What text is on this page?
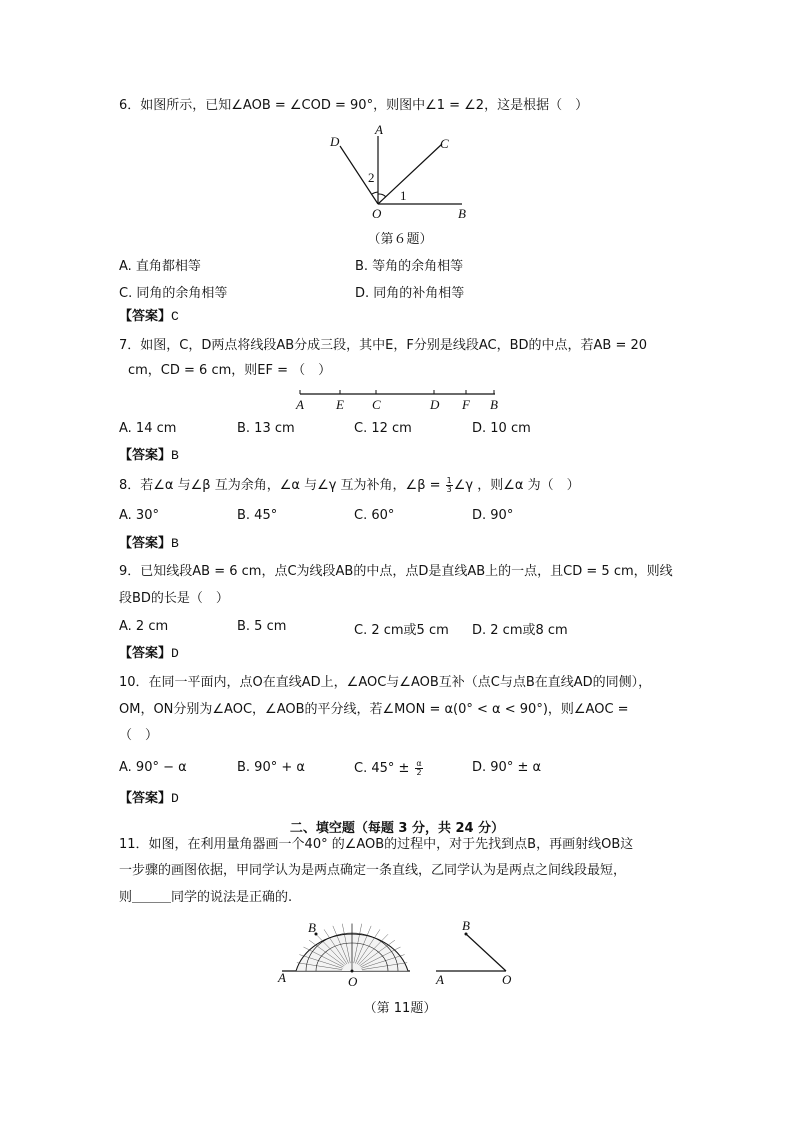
6．如图所示，已知∠AOB = ∠COD = 90°，则图中∠1 = ∠2，这是根据（　）
A
B
C
D
O
1
2
（第６题）
A. 直角都相等	B. 等角的余角相等
C. 同角的余角相等	D. 同角的补角相等
【答案】C
7．如图，C，D两点将线段AB分成三段，其中E，F分别是线段AC，BD的中点，若AB = 20
cm，CD = 6 cm，则EF = （　）
A E C	D F B
A. 14 cm	B. 13 cm	C. 12 cm	D. 10 cm
【答案】B
8．若∠α 与∠β 互为余角，∠α 与∠γ 互为补角，∠β = $\frac{1}{3}$ ∠γ ，则∠α 为（　）
A. 30°	B. 45°	C. 60°	D. 90°
【答案】B
9．已知线段AB = 6 cm，点C为线段AB的中点，点D是直线AB上的一点，且CD = 5 cm，则线
段BD的长是（　）
A. 2 cm	B. 5 cm	C. 2 cm或5 cm D. 2 cm或8 cm
【答案】D
10．在同一平面内，点O在直线AD上，∠AOC与∠AOB互补（点C与点B在直线AD的同侧），
OM，ON分别为∠AOC，∠AOB的平分线，若∠MON = α(0° < α < 90°)，则∠AOC =
（　）
A. 90° − α	B. 90° + α	C. $45^\circ \pm \frac{\alpha}{2}$	D. 90° ± α
【答案】D
二、填空题（每题 3 分，共 24 分）
11．如图，在利用量角器画一个40° 的∠AOB的过程中，对于先找到点B，再画射线OB这
一步骤的画图依据，甲同学认为是两点确定一条直线，乙同学认为是两点之间线段最短，
则＿＿＿同学的说法是正确的.
A	O
B
A	O
B
（第 11题）
